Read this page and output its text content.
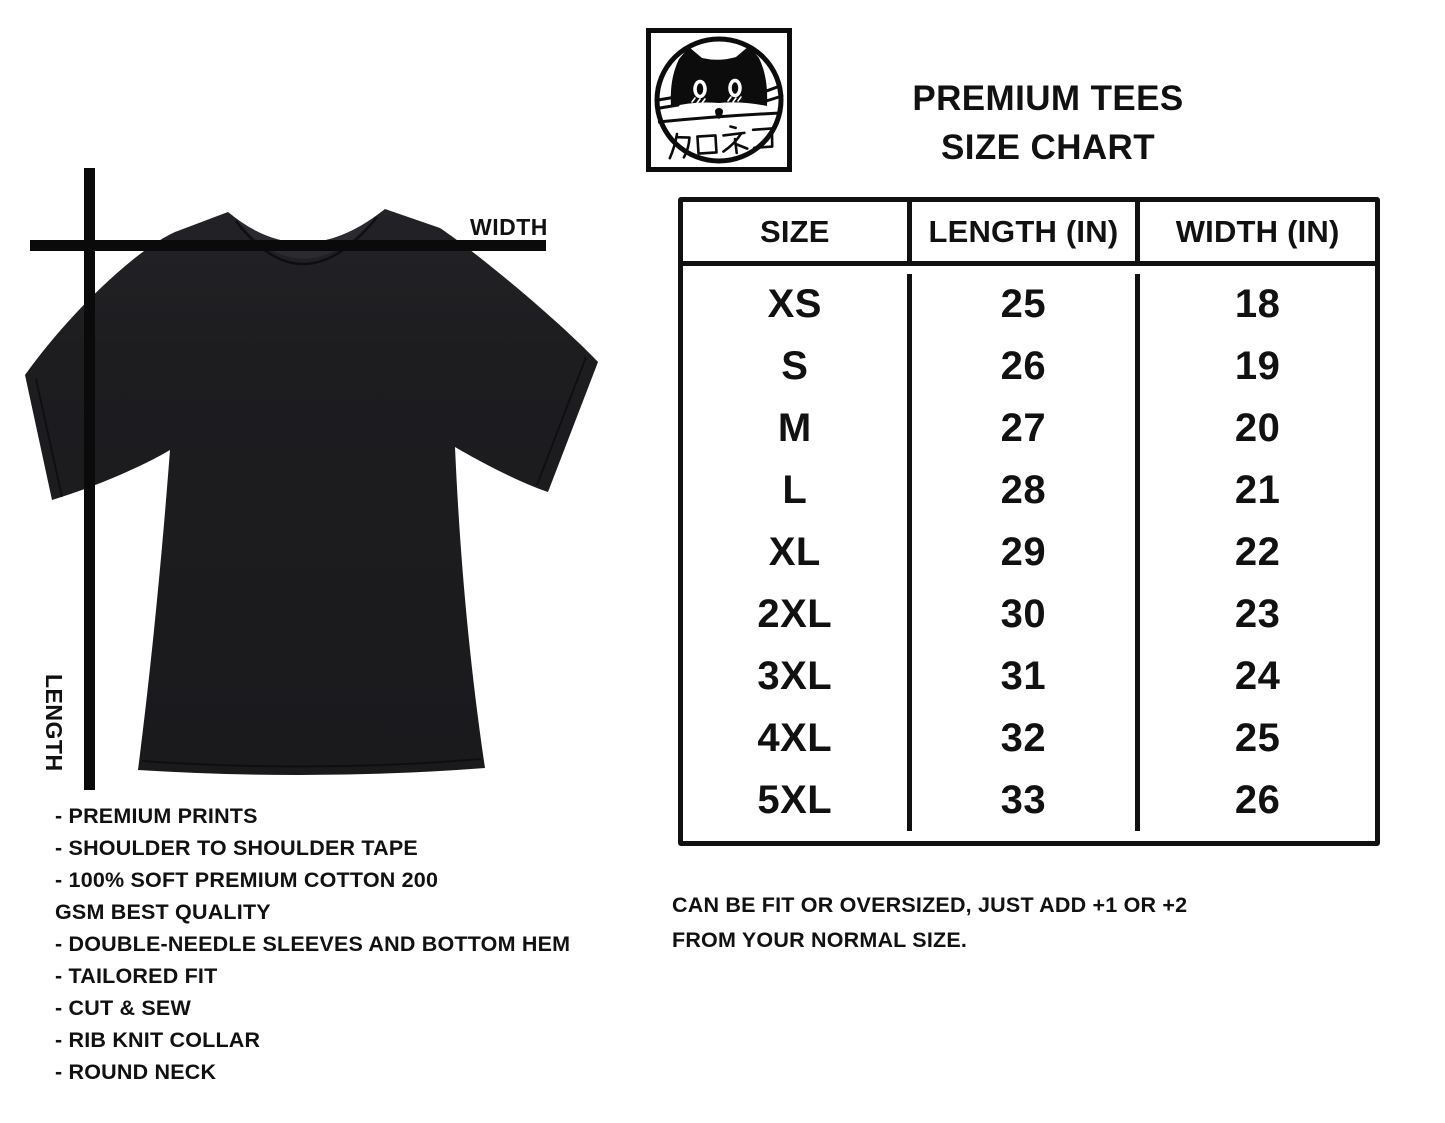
WIDTH
LENGTH
- PREMIUM PRINTS
- SHOULDER TO SHOULDER TAPE
- 100% SOFT PREMIUM COTTON 200
GSM BEST QUALITY
- DOUBLE-NEEDLE SLEEVES AND BOTTOM HEM
- TAILORED FIT
- CUT & SEW
- RIB KNIT COLLAR
- ROUND NECK
PREMIUM TEES
SIZE CHART
SIZE	LENGTH (IN)	WIDTH (IN)
XS	25	18
S	26	19
M	27	20
L	28	21
XL	29	22
2XL	30	23
3XL	31	24
4XL	32	25
5XL	33	26
CAN BE FIT OR OVERSIZED, JUST ADD +1 OR +2
FROM YOUR NORMAL SIZE.
